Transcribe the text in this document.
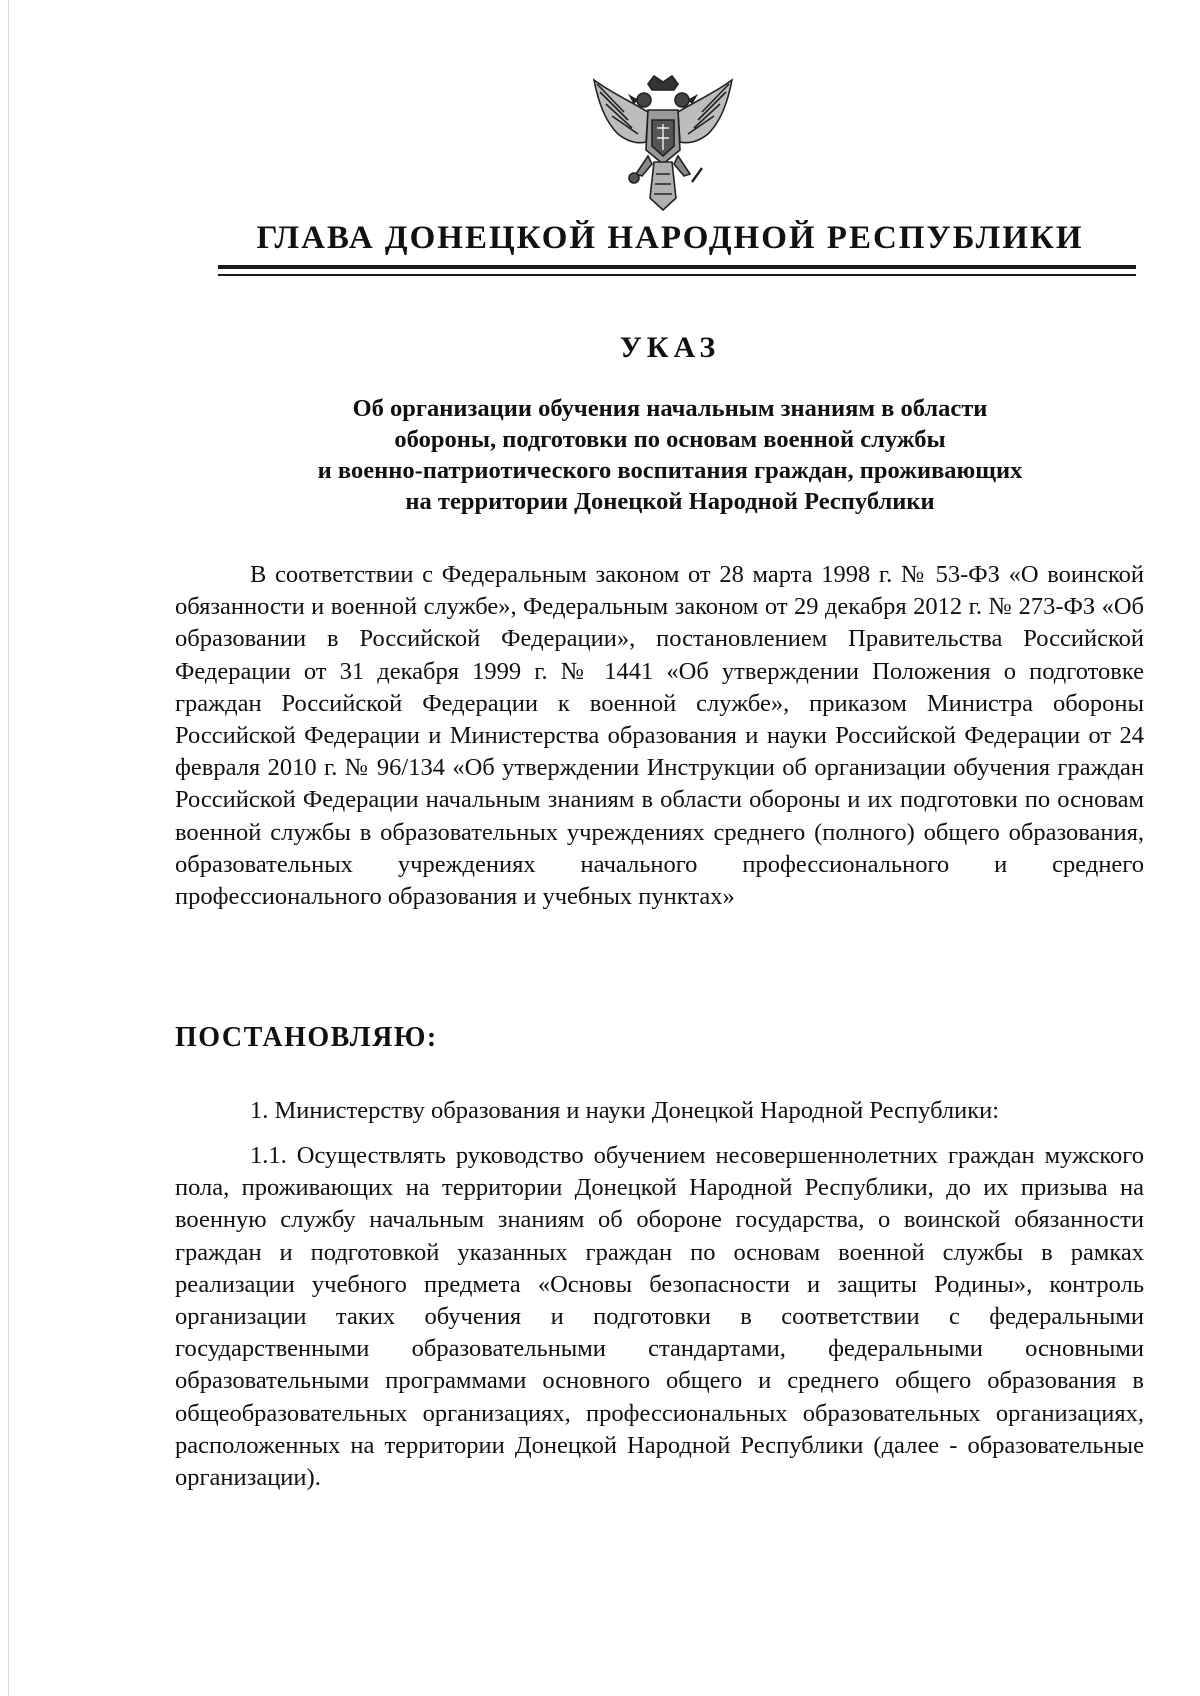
ГЛАВА ДОНЕЦКОЙ НАРОДНОЙ РЕСПУБЛИКИ
УКАЗ
Об организации обучения начальным знаниям в области
обороны, подготовки по основам военной службы
и военно-патриотического воспитания граждан, проживающих
на территории Донецкой Народной Республики

В соответствии с Федеральным законом от 28 марта 1998 г. № 53-ФЗ «О воинской обязанности и военной службе», Федеральным законом от 29 декабря 2012 г. № 273-ФЗ «Об образовании в Российской Федерации», постановлением Правительства Российской Федерации от 31 декабря 1999 г. № 1441 «Об утверждении Положения о подготовке граждан Российской Федерации к военной службе», приказом Министра обороны Российской Федерации и Министерства образования и науки Российской Федерации от 24 февраля 2010 г. № 96/134 «Об утверждении Инструкции об организации обучения граждан Российской Федерации начальным знаниям в области обороны и их подготовки по основам военной службы в образовательных учреждениях среднего (полного) общего образования, образовательных учреждениях начального профессионального и среднего профессионального образования и учебных пунктах»

ПОСТАНОВЛЯЮ:

1. Министерству образования и науки Донецкой Народной Республики:

1.1. Осуществлять руководство обучением несовершеннолетних граждан мужского пола, проживающих на территории Донецкой Народной Республики, до их призыва на военную службу начальным знаниям об обороне государства, о воинской обязанности граждан и подготовкой указанных граждан по основам военной службы в рамках реализации учебного предмета «Основы безопасности и защиты Родины», контроль организации таких обучения и подготовки в соответствии с федеральными государственными образовательными стандартами, федеральными основными образовательными программами основного общего и среднего общего образования в общеобразовательных организациях, профессиональных образовательных организациях, расположенных на территории Донецкой Народной Республики (далее - образовательные организации).
